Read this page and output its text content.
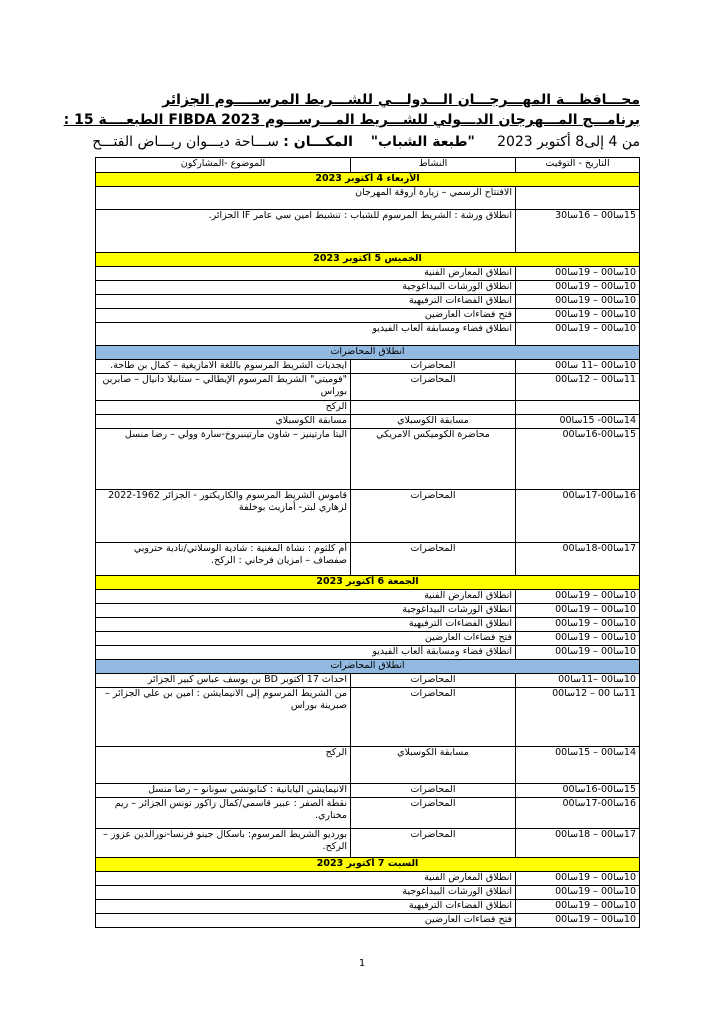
محـــافظـــة المهـــرجـــان الـــدولـــي للشـــريط المرســـــوم الجزائر
برنامـــج المـــهرجان الدـــولي للشـــريط المـــرســـوم FIBDA 2023 الطبعــــة 15 :
من 4 إلى8 أكتوبر 2023     "طبعة الشباب"    المكـــان : ســـاحة ديـــوان ريـــاض الفتـــح
التاريخ - التوقيت	النشاط	الموضوع -المشاركون
الأربعاء 4 أكتوبر 2023		
	الافتتاح الرسمي – زيارة أروقة المهرجان	
15سا00 – 16سا30	انطلاق ورشة : الشريط المرسوم للشباب : تنشيط امين سي عامر IF الجزائر.	
الخميس 5 أكتوبر 2023		
10سا00 – 19سا00	انطلاق المعارض الفنية	
10سا00 – 19سا00	انطلاق الورشات البيداغوجية	
10سا00 – 19سا00	انطلاق الفضاءات الترفيهية	
10سا00 – 19سا00	فتح فضاءات العارضين	
10سا00 – 19سا00	انطلاق فضاء ومسابقة ألعاب الفيديو	
انطلاق المحاضرات		
10سا00 –11 سا00	المحاضرات	ايجديات الشريط المرسوم باللغة الامازيغية – كمال بن طاحة.
11سا00 – 12سا00	المحاضرات	"فوميتي" الشريط المرسوم الإيطالي – ستانيلا دانيال – صابرين بوراس
		الركح
14سا00- 15سا00	مسابقة الكوسبلاي	مسابقة الكوسبلاي
15سا00-16سا00	محاضرة الكوميكس الامريكي	اليتا مارتينيز – شاون مارتينبروخ-سارة وولي – رضا منسل
16سا00-17سا00	المحاضرات	قاموس الشريط المرسوم والكاريكتور - الجزائر 1962-2022 لزهاري لبتر- أمازيث بوخلفة
17سا00-18سا00	المحاضرات	أم كلثوم : نشاة المغنية : شادية الوسلاتي/نادية حتروبي صفصاف – امزيان فرحاني : الركح.
الجمعة 6 أكتوبر 2023		
10سا00 – 19سا00	انطلاق المعارض الفنية	
10سا00 – 19سا00	انطلاق الورشات البيداغوجية	
10سا00 – 19سا00	انطلاق الفضاءات الترفيهية	
10سا00 – 19سا00	فتح فضاءات العارضين	
10سا00 – 19سا00	انطلاق فضاء ومسابقة ألعاب الفيديو	
انطلاق المحاضرات		
10سا00 –11سا00	المحاضرات	احداث 17 أكتوبر BD بن يوسف عباس كبير الجزائر
11سا 00 – 12سا00	المحاضرات	من الشريط المرسوم إلى الانيمايشن : امين بن علي الجزائر – صبرينة بوراس
14سا00 – 15سا00	مسابقة الكوسبلاي	الركح
15سا00-16سا00	المحاضرات	الانيمايشن اليابانية : كنابوتشي سونانو – رضا منسل
16سا00-17سا00	المحاضرات	نقطة الصفر : عبير قاسمي/كمال زاكور تونس الجزائر – ريم مختاري.
17سا00 – 18سا00	المحاضرات	بورديو الشريط المرسوم: باسكال جينو فرنسا-نورالدين عزوز – الركح.
السبت 7 أكتوبر 2023		
10سا00 – 19سا00	انطلاق المعارض الفنية	
10سا00 – 19سا00	انطلاق الورشات البيداغوجية	
10سا00 – 19سا00	انطلاق الفضاءات الترفيهية	
10سا00 – 19سا00	فتح فضاءات العارضين	
1
